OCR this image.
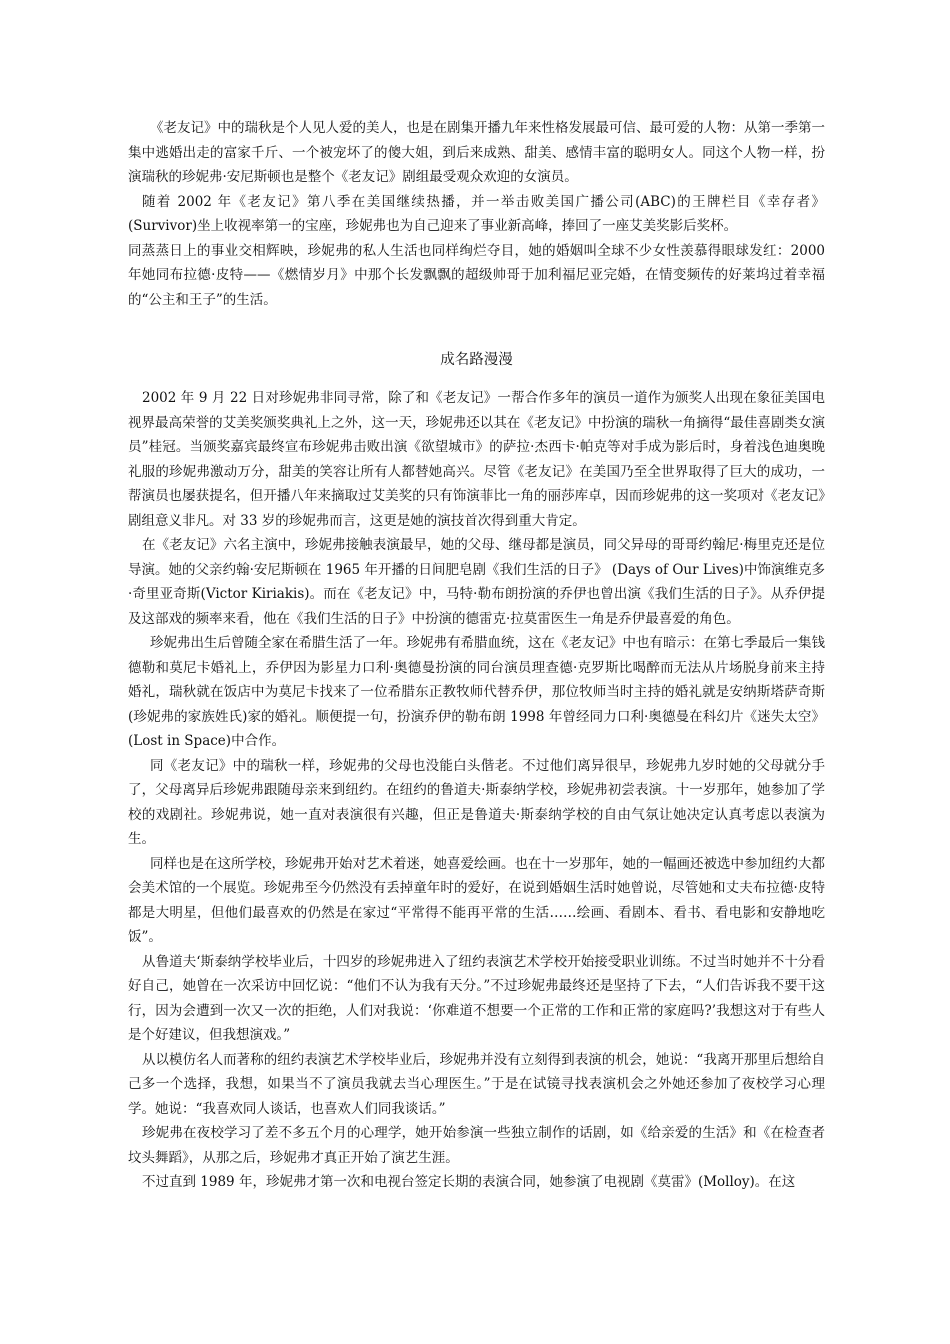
《老友记》中的瑞秋是个人见人爱的美人，也是在剧集开播九年来性格发展最可信、最可爱的人物：从第一季第一集中逃婚出走的富家千斤、一个被宠坏了的傻大姐，到后来成熟、甜美、感情丰富的聪明女人。同这个人物一样，扮演瑞秋的珍妮弗·安尼斯顿也是整个《老友记》剧组最受观众欢迎的女演员。

随着 2002 年《老友记》第八季在美国继续热播，并一举击败美国广播公司(ABC)的王牌栏目《幸存者》(Survivor)坐上收视率第一的宝座，珍妮弗也为自己迎来了事业新高峰，捧回了一座艾美奖影后奖杯。

同蒸蒸日上的事业交相辉映，珍妮弗的私人生活也同样绚烂夺目，她的婚姻叫全球不少女性羡慕得眼球发红：2000 年她同布拉德·皮特——《燃情岁月》中那个长发飘飘的超级帅哥于加利福尼亚完婚，在情变频传的好莱坞过着幸福的“公主和王子”的生活。

成名路漫漫

2002 年 9 月 22 日对珍妮弗非同寻常，除了和《老友记》一帮合作多年的演员一道作为颁奖人出现在象征美国电视界最高荣誉的艾美奖颁奖典礼上之外，这一天，珍妮弗还以其在《老友记》中扮演的瑞秋一角摘得“最佳喜剧类女演员”桂冠。当颁奖嘉宾最终宣布珍妮弗击败出演《欲望城市》的萨拉·杰西卡·帕克等对手成为影后时，身着浅色迪奥晚礼服的珍妮弗激动万分，甜美的笑容让所有人都替她高兴。尽管《老友记》在美国乃至全世界取得了巨大的成功，一帮演员也屡获提名，但开播八年来摘取过艾美奖的只有饰演菲比一角的丽莎库卓，因而珍妮弗的这一奖项对《老友记》剧组意义非凡。对 33 岁的珍妮弗而言，这更是她的演技首次得到重大肯定。

在《老友记》六名主演中，珍妮弗接触表演最早，她的父母、继母都是演员，同父异母的哥哥约翰尼·梅里克还是位导演。她的父亲约翰·安尼斯顿在 1965 年开播的日间肥皂剧《我们生活的日子》 (Days of Our Lives)中饰演维克多·奇里亚奇斯(Victor Kiriakis)。而在《老友记》中，马特·勒布朗扮演的乔伊也曾出演《我们生活的日子》。从乔伊提及这部戏的频率来看，他在《我们生活的日子》中扮演的德雷克·拉莫雷医生一角是乔伊最喜爱的角色。

珍妮弗出生后曾随全家在希腊生活了一年。珍妮弗有希腊血统，这在《老友记》中也有暗示：在第七季最后一集钱德勒和莫尼卡婚礼上，乔伊因为影星力口利·奥德曼扮演的同台演员理查德·克罗斯比喝醉而无法从片场脱身前来主持婚礼，瑞秋就在饭店中为莫尼卡找来了一位希腊东正教牧师代替乔伊，那位牧师当时主持的婚礼就是安纳斯塔萨奇斯(珍妮弗的家族姓氏)家的婚礼。顺便提一句，扮演乔伊的勒布朗 1998 年曾经同力口利·奥德曼在科幻片《迷失太空》(Lost in Space)中合作。

同《老友记》中的瑞秋一样，珍妮弗的父母也没能白头偕老。不过他们离异很早，珍妮弗九岁时她的父母就分手了，父母离异后珍妮弗跟随母亲来到纽约。在纽约的鲁道夫·斯泰纳学校，珍妮弗初尝表演。十一岁那年，她参加了学校的戏剧社。珍妮弗说，她一直对表演很有兴趣，但正是鲁道夫·斯泰纳学校的自由气氛让她决定认真考虑以表演为生。

同样也是在这所学校，珍妮弗开始对艺术着迷，她喜爱绘画。也在十一岁那年，她的一幅画还被选中参加纽约大都会美术馆的一个展览。珍妮弗至今仍然没有丢掉童年时的爱好，在说到婚姻生活时她曾说，尽管她和丈夫布拉德·皮特都是大明星，但他们最喜欢的仍然是在家过“平常得不能再平常的生活……绘画、看剧本、看书、看电影和安静地吃饭”。

从鲁道夫‘斯泰纳学校毕业后，十四岁的珍妮弗进入了纽约表演艺术学校开始接受职业训练。不过当时她并不十分看好自己，她曾在一次采访中回忆说：“他们不认为我有天分。”不过珍妮弗最终还是坚持了下去，“人们告诉我不要干这行，因为会遭到一次又一次的拒绝，人们对我说：‘你难道不想要一个正常的工作和正常的家庭吗?’我想这对于有些人是个好建议，但我想演戏。”

从以模仿名人而著称的纽约表演艺术学校毕业后，珍妮弗并没有立刻得到表演的机会，她说：“我离开那里后想给自己多一个选择，我想，如果当不了演员我就去当心理医生。”于是在试镜寻找表演机会之外她还参加了夜校学习心理学。她说：“我喜欢同人谈话，也喜欢人们同我谈话。”

珍妮弗在夜校学习了差不多五个月的心理学，她开始参演一些独立制作的话剧，如《给亲爱的生活》和《在检查者坟头舞蹈》，从那之后，珍妮弗才真正开始了演艺生涯。

不过直到 1989 年，珍妮弗才第一次和电视台签定长期的表演合同，她参演了电视剧《莫雷》(Molloy)。在这
